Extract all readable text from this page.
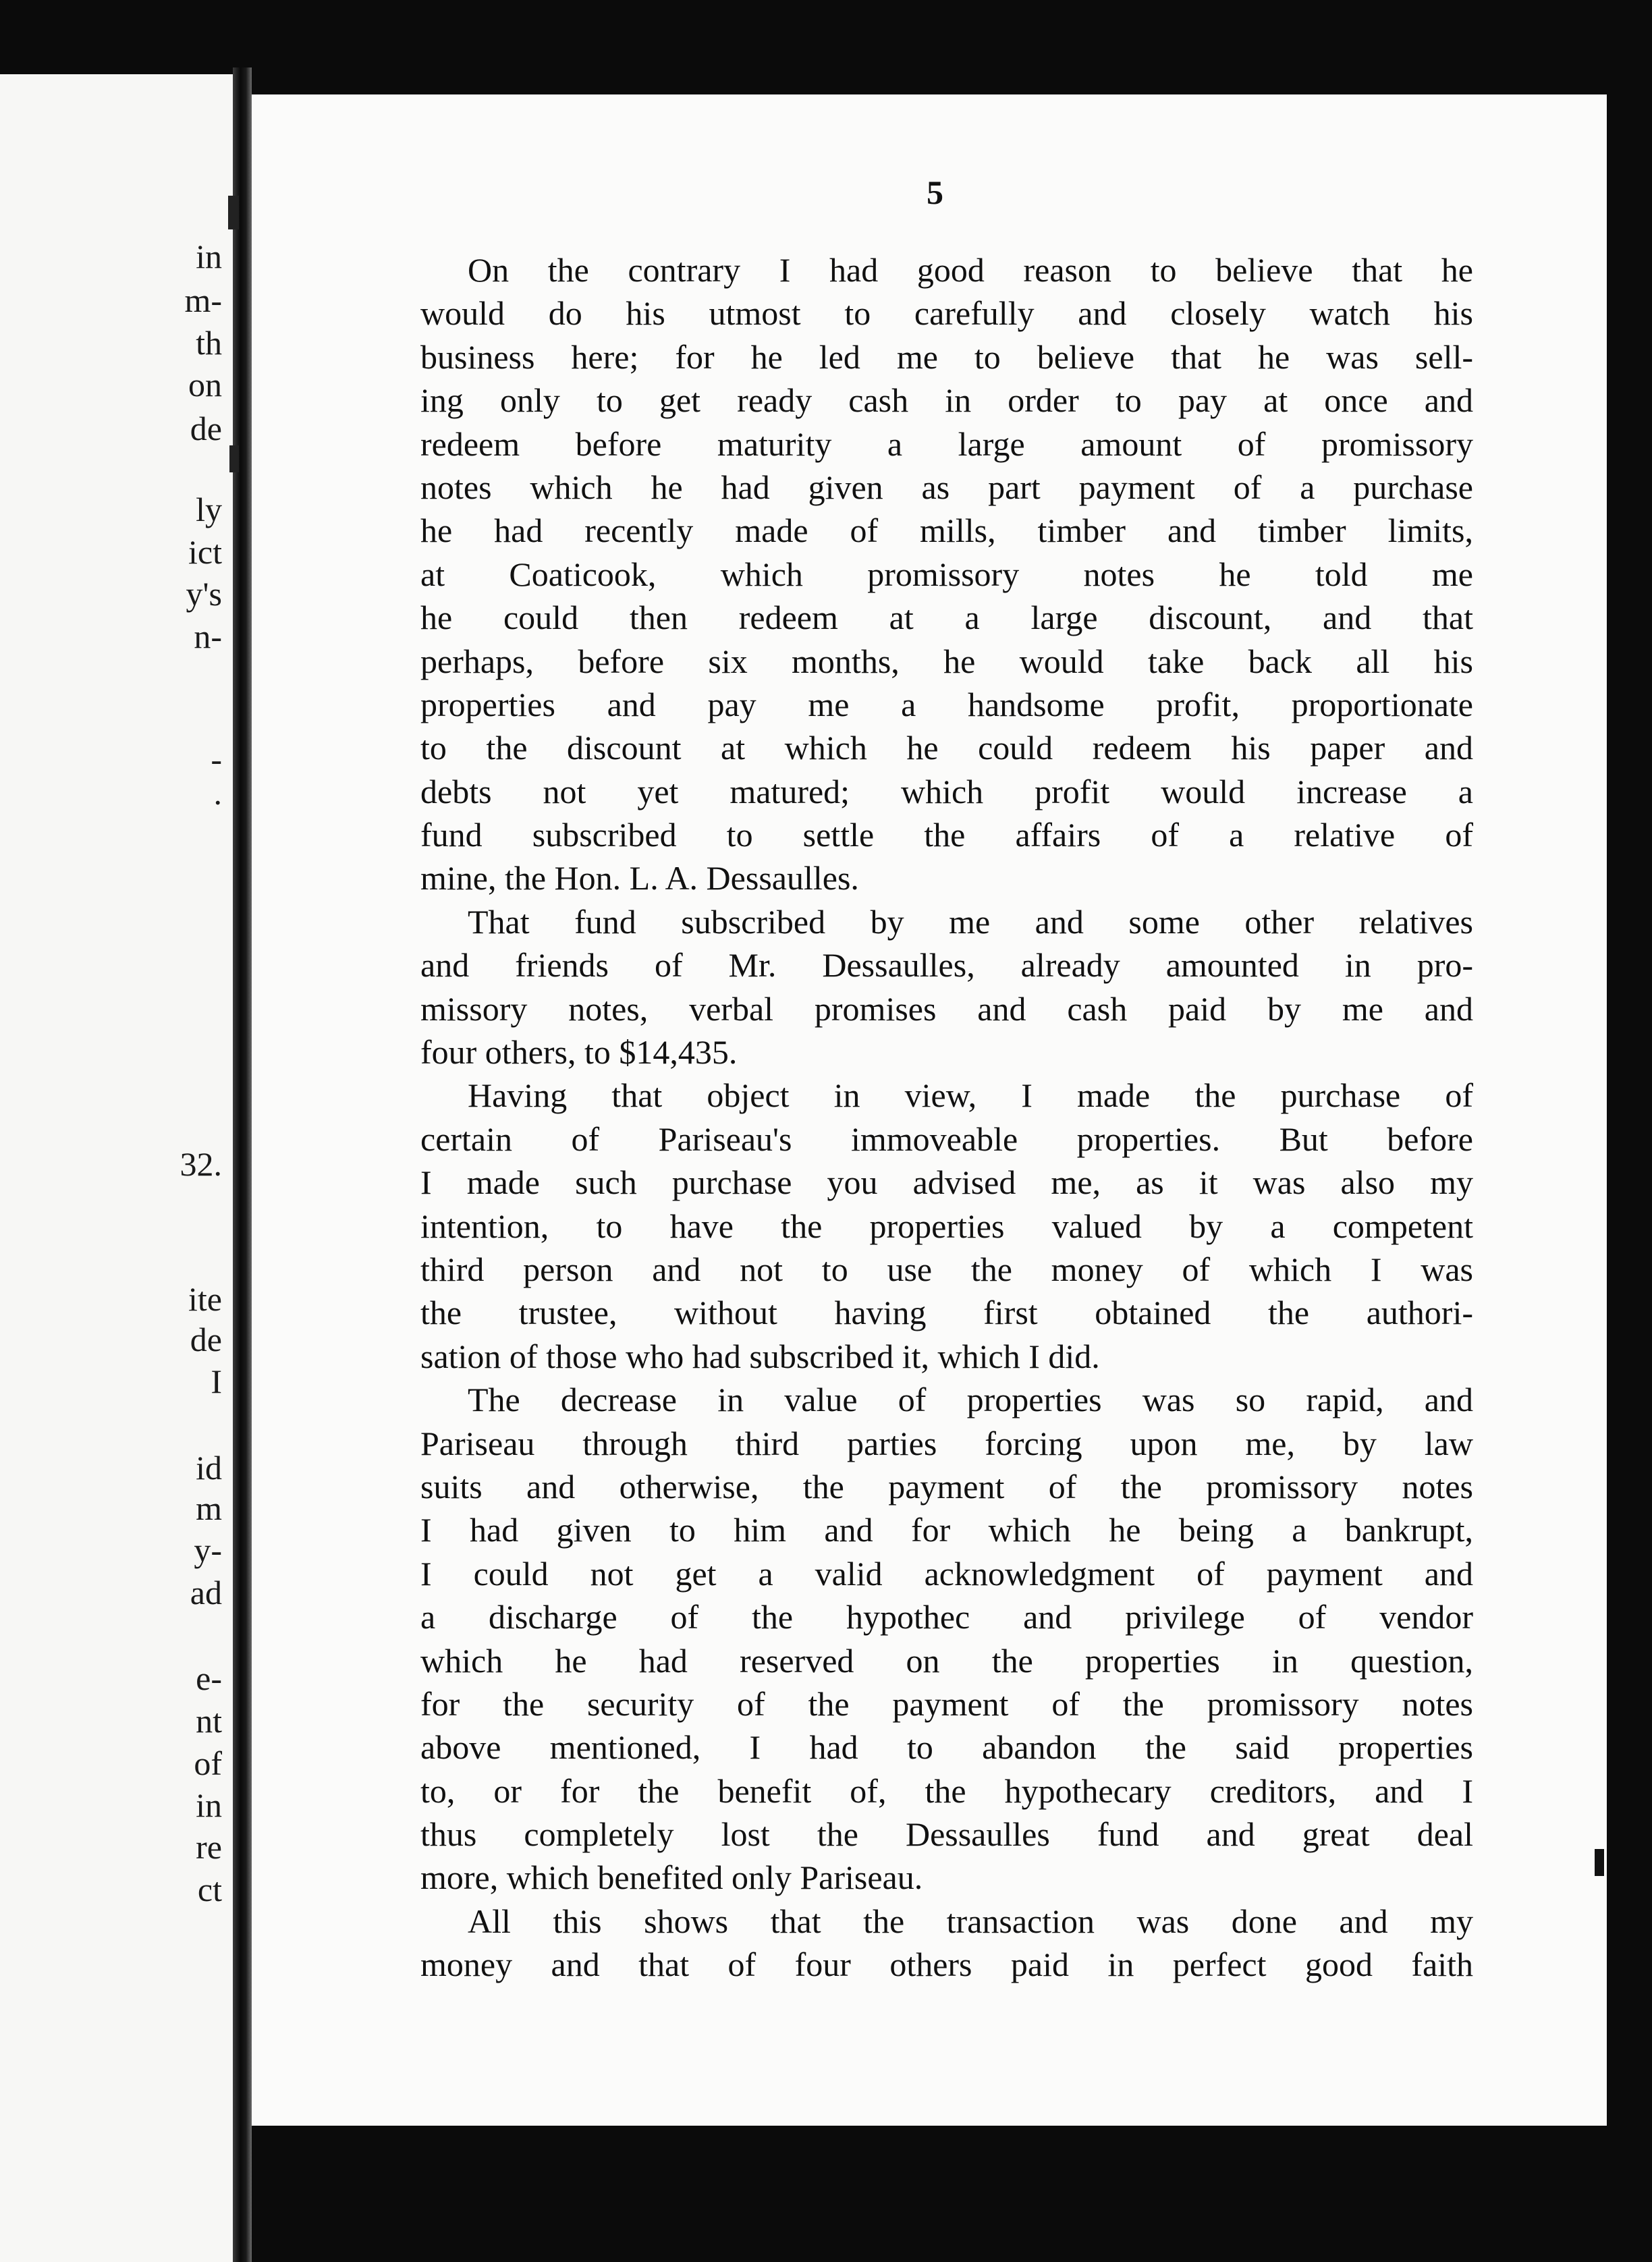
in
m-
th
on
de
ly
ict
y's
n-
-
.
32.
ite
de
I
id
m
y-
ad
e-
nt
of
in
re
ct
5
On the contrary I had good reason to believe that he
would do his utmost to carefully and closely watch his
business here; for he led me to believe that he was sell-
ing only to get ready cash in order to pay at once and
redeem before maturity a large amount of promissory
notes which he had given as part payment of a purchase
he had recently made of mills, timber and timber limits,
at Coaticook, which promissory notes he told me
he could then redeem at a large discount, and that
perhaps, before six months, he would take back all his
properties and pay me a handsome profit, proportionate
to the discount at which he could redeem his paper and
debts not yet matured; which profit would increase a
fund subscribed to settle the affairs of a relative of
mine, the Hon. L. A. Dessaulles.
That fund subscribed by me and some other relatives
and friends of Mr. Dessaulles, already amounted in pro-
missory notes, verbal promises and cash paid by me and
four others, to $14,435.
Having that object in view, I made the purchase of
certain of Pariseau's immoveable properties. But before
I made such purchase you advised me, as it was also my
intention, to have the properties valued by a competent
third person and not to use the money of which I was
the trustee, without having first obtained the authori-
sation of those who had subscribed it, which I did.
The decrease in value of properties was so rapid, and
Pariseau through third parties forcing upon me, by law
suits and otherwise, the payment of the promissory notes
I had given to him and for which he being a bankrupt,
I could not get a valid acknowledgment of payment and
a discharge of the hypothec and privilege of vendor
which he had reserved on the properties in question,
for the security of the payment of the promissory notes
above mentioned, I had to abandon the said properties
to, or for the benefit of, the hypothecary creditors, and I
thus completely lost the Dessaulles fund and great deal
more, which benefited only Pariseau.
All this shows that the transaction was done and my
money and that of four others paid in perfect good faith
